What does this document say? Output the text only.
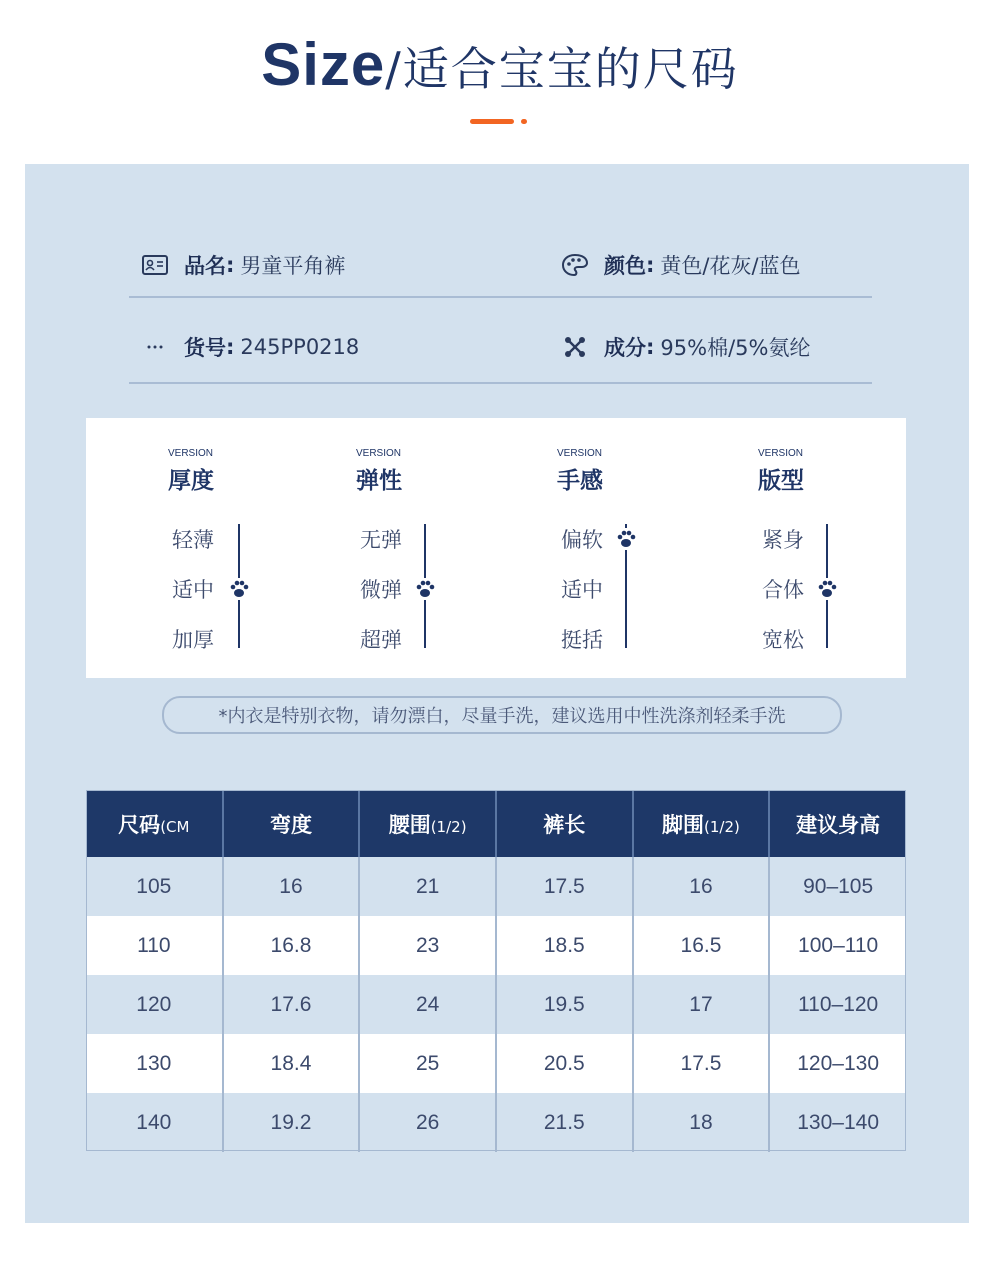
Size/适合宝宝的尺码
品名 : 男童平角裤	颜色 : 黄色/花灰/蓝色
货号 : 245PP0218	成分 : 95%棉/5%氨纶
VERSION
厚度
轻薄
适中
加厚
VERSION
弹性
无弹
微弹
超弹
VERSION
手感
偏软
适中
挺括
VERSION
版型
紧身
合体
宽松
*内衣是特别衣物，请勿漂白，尽量手洗，建议选用中性洗涤剂轻柔手洗
尺码(CM	弯度	腰围(1/2)	裤长	脚围(1/2)	建议身高
105	16	21	17.5	16	90–105
110	16.8	23	18.5	16.5	100–110
120	17.6	24	19.5	17	110–120
130	18.4	25	20.5	17.5	120–130
140	19.2	26	21.5	18	130–140
